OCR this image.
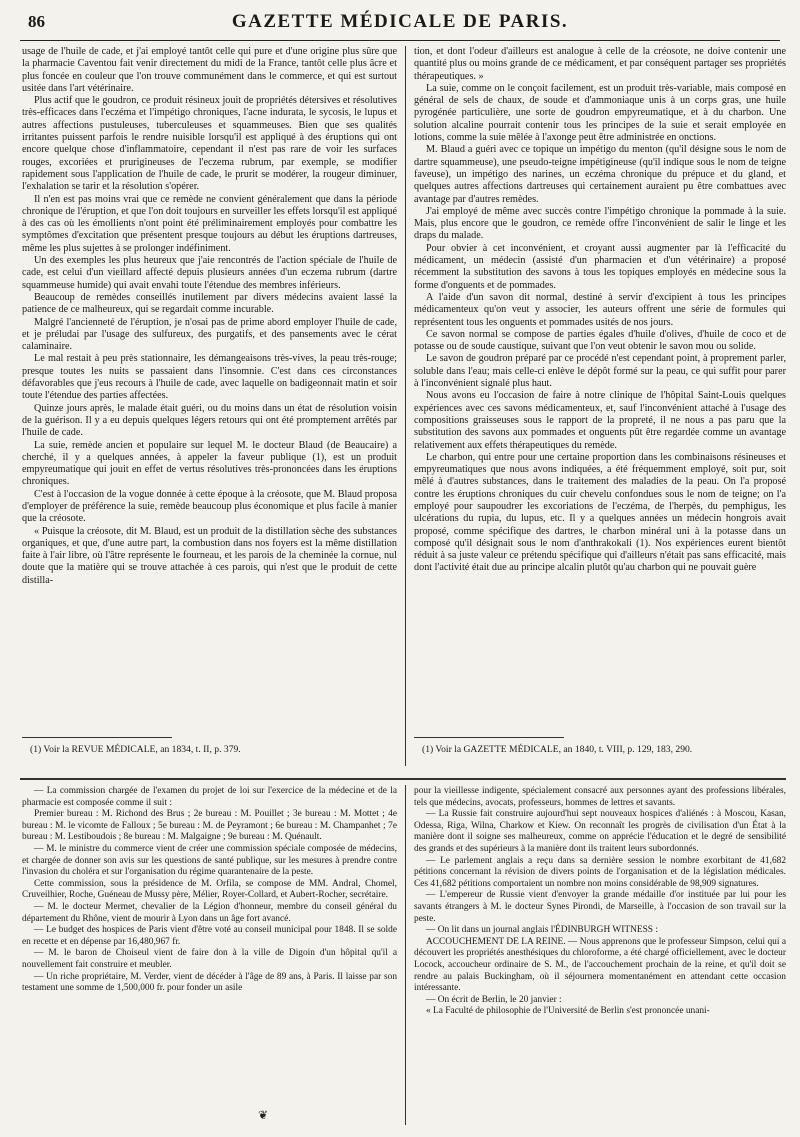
86	GAZETTE MÉDICALE DE PARIS.

usage de l'huile de cade, et j'ai employé tantôt celle qui pure et d'une origine plus sûre que la pharmacie Caventou fait venir directement du midi de la France, tantôt celle plus âcre et plus foncée en couleur que l'on trouve communément dans le commerce, et qui est surtout usitée dans l'art vétérinaire.

Plus actif que le goudron, ce produit résineux jouit de propriétés détersives et résolutives très-efficaces dans l'eczéma et l'impétigo chroniques, l'acne indurata, le sycosis, le lupus et autres affections pustuleuses, tuberculeuses et squammeuses. Bien que ses qualités irritantes puissent parfois le rendre nuisible lorsqu'il est appliqué à des éruptions qui ont encore quelque chose d'inflammatoire, cependant il n'est pas rare de voir les surfaces rouges, excoriées et prurigineuses de l'eczema rubrum, par exemple, se modifier rapidement sous l'application de l'huile de cade, le prurit se modérer, la rougeur diminuer, l'exhalation se tarir et la résolution s'opérer.

Il n'en est pas moins vrai que ce remède ne convient généralement que dans la période chronique de l'éruption, et que l'on doit toujours en surveiller les effets lorsqu'il est appliqué à des cas où les émollients n'ont point été préliminairement employés pour combattre les symptômes d'excitation que présentent presque toujours au début les éruptions dartreuses, même les plus sujettes à se prolonger indéfiniment.

Un des exemples les plus heureux que j'aie rencontrés de l'action spéciale de l'huile de cade, est celui d'un vieillard affecté depuis plusieurs années d'un eczema rubrum (dartre squammeuse humide) qui avait envahi toute l'étendue des membres inférieurs.

Beaucoup de remèdes conseillés inutilement par divers médecins avaient lassé la patience de ce malheureux, qui se regardait comme incurable.

Malgré l'ancienneté de l'éruption, je n'osai pas de prime abord employer l'huile de cade, et je préludai par l'usage des sulfureux, des purgatifs, et des pansements avec le cérat calaminaire.

Le mal restait à peu près stationnaire, les démangeaisons très-vives, la peau très-rouge; presque toutes les nuits se passaient dans l'insomnie. C'est dans ces circonstances défavorables que j'eus recours à l'huile de cade, avec laquelle on badigeonnait matin et soir toute l'étendue des parties affectées.

Quinze jours après, le malade était guéri, ou du moins dans un état de résolution voisin de la guérison. Il y a eu depuis quelques légers retours qui ont été promptement arrêtés par l'huile de cade.

La suie, remède ancien et populaire sur lequel M. le docteur Blaud (de Beaucaire) a cherché, il y a quelques années, à appeler la faveur publique (1), est un produit empyreumatique qui jouit en effet de vertus résolutives très-prononcées dans les éruptions chroniques.

C'est à l'occasion de la vogue donnée à cette époque à la créosote, que M. Blaud proposa d'employer de préférence la suie, remède beaucoup plus économique et plus facile à manier que la créosote.

« Puisque la créosote, dit M. Blaud, est un produit de la distillation sèche des substances organiques, et que, d'une autre part, la combustion dans nos foyers est la même distillation faite à l'air libre, où l'âtre représente le fourneau, et les parois de la cheminée la cornue, nul doute que la matière qui se trouve attachée à ces parois, qui n'est que le produit de cette distilla-

tion, et dont l'odeur d'ailleurs est analogue à celle de la créosote, ne doive contenir une quantité plus ou moins grande de ce médicament, et par conséquent partager ses propriétés thérapeutiques. »

La suie, comme on le conçoit facilement, est un produit très-variable, mais composé en général de sels de chaux, de soude et d'ammoniaque unis à un corps gras, une huile pyrogénée particulière, une sorte de goudron empyreumatique, et à du charbon. Une solution alcaline pourrait contenir tous les principes de la suie et serait employée en lotions, comme la suie mêlée à l'axonge peut être administrée en onctions.

M. Blaud a guéri avec ce topique un impétigo du menton (qu'il désigne sous le nom de dartre squammeuse), une pseudo-teigne impétigineuse (qu'il indique sous le nom de teigne faveuse), un impétigo des narines, un eczéma chronique du prépuce et du gland, et quelques autres affections dartreuses qui certainement auraient pu être combattues avec avantage par d'autres remèdes.

J'ai employé de même avec succès contre l'impétigo chronique la pommade à la suie. Mais, plus encore que le goudron, ce remède offre l'inconvénient de salir le linge et les draps du malade.

Pour obvier à cet inconvénient, et croyant aussi augmenter par là l'efficacité du médicament, un médecin (assisté d'un pharmacien et d'un vétérinaire) a proposé récemment la substitution des savons à tous les topiques employés en médecine sous la forme d'onguents et de pommades.

A l'aide d'un savon dit normal, destiné à servir d'excipient à tous les principes médicamenteux qu'on veut y associer, les auteurs offrent une série de formules qui représentent tous les onguents et pommades usités de nos jours.

Ce savon normal se compose de parties égales d'huile d'olives, d'huile de coco et de potasse ou de soude caustique, suivant que l'on veut obtenir le savon mou ou solide.

Le savon de goudron préparé par ce procédé n'est cependant point, à proprement parler, soluble dans l'eau; mais celle-ci enlève le dépôt formé sur la peau, ce qui suffit pour parer à l'inconvénient signalé plus haut.

Nous avons eu l'occasion de faire à notre clinique de l'hôpital Saint-Louis quelques expériences avec ces savons médicamenteux, et, sauf l'inconvénient attaché à l'usage des compositions graisseuses sous le rapport de la propreté, il ne nous a pas paru que la substitution des savons aux pommades et onguents pût être regardée comme un avantage relativement aux effets thérapeutiques du remède.

Le charbon, qui entre pour une certaine proportion dans les combinaisons résineuses et empyreumatiques que nous avons indiquées, a été fréquemment employé, soit pur, soit mêlé à d'autres substances, dans le traitement des maladies de la peau. On l'a proposé contre les éruptions chroniques du cuir chevelu confondues sous le nom de teigne; on l'a employé pour saupoudrer les excoriations de l'eczéma, de l'herpès, du pemphigus, les ulcérations du rupia, du lupus, etc. Il y a quelques années un médecin hongrois avait proposé, comme spécifique des dartres, le charbon minéral uni à la potasse dans un composé qu'il désignait sous le nom d'anthrakokali (1). Nos expériences eurent bientôt réduit à sa juste valeur ce prétendu spécifique qui d'ailleurs n'était pas sans efficacité, mais dont l'activité était due au principe alcalin plutôt qu'au charbon qui ne pouvait guère

(1) Voir la REVUE MÉDICALE, an 1834, t. II, p. 379.	(1) Voir la GAZETTE MÉDICALE, an 1840, t. VIII, p. 129, 183, 290.

— La commission chargée de l'examen du projet de loi sur l'exercice de la médecine et de la pharmacie est composée comme il suit :

Premier bureau : M. Richond des Brus ; 2e bureau : M. Pouillet ; 3e bureau : M. Mottet ; 4e bureau : M. le vicomte de Falloux ; 5e bureau : M. de Peyramont ; 6e bureau : M. Champanhet ; 7e bureau : M. Lestiboudois ; 8e bureau : M. Malgaigne ; 9e bureau : M. Quénault.

— M. le ministre du commerce vient de créer une commission spéciale composée de médecins, et chargée de donner son avis sur les questions de santé publique, sur les mesures à prendre contre l'invasion du choléra et sur l'organisation du régime quarantenaire de la peste.

Cette commission, sous la présidence de M. Orfila, se compose de MM. Andral, Chomel, Cruveilhier, Roche, Guéneau de Mussy père, Mélier, Royer-Collard, et Aubert-Rocher, secrétaire.

— M. le docteur Mermet, chevalier de la Légion d'honneur, membre du conseil général du département du Rhône, vient de mourir à Lyon dans un âge fort avancé.

— Le budget des hospices de Paris vient d'être voté au conseil municipal pour 1848. Il se solde en recette et en dépense par 16,480,967 fr.

— M. le baron de Choiseul vient de faire don à la ville de Digoin d'un hôpital qu'il a nouvellement fait construire et meubler.

— Un riche propriétaire, M. Verder, vient de décéder à l'âge de 89 ans, à Paris. Il laisse par son testament une somme de 1,500,000 fr. pour fonder un asile

pour la vieillesse indigente, spécialement consacré aux personnes ayant des professions libérales, tels que médecins, avocats, professeurs, hommes de lettres et savants.

— La Russie fait construire aujourd'hui sept nouveaux hospices d'aliénés : à Moscou, Kasan, Odessa, Riga, Wilna, Charkow et Kiew. On reconnaît les progrès de civilisation d'un État à la manière dont il soigne ses malheureux, comme on apprécie l'éducation et le degré de sensibilité des grands et des supérieurs à la manière dont ils traitent leurs subordonnés.

— Le parlement anglais a reçu dans sa dernière session le nombre exorbitant de 41,682 pétitions concernant la révision de divers points de l'organisation et de la législation médicales. Ces 41,682 pétitions comportaient un nombre non moins considérable de 98,909 signatures.

— L'empereur de Russie vient d'envoyer la grande médaille d'or instituée par lui pour les savants étrangers à M. le docteur Synes Pirondi, de Marseille, à l'occasion de son travail sur la peste.

— On lit dans un journal anglais l'ÉDINBURGH WITNESS :

ACCOUCHEMENT DE LA REINE. — Nous apprenons que le professeur Simpson, celui qui a découvert les propriétés anesthésiques du chloroforme, a été chargé officiellement, avec le docteur Locock, accoucheur ordinaire de S. M., de l'accouchement prochain de la reine, et qu'il doit se rendre au palais Buckingham, où il séjournera momentanément en attendant cette occasion intéressante.

— On écrit de Berlin, le 20 janvier :

« La Faculté de philosophie de l'Université de Berlin s'est prononcée unani-

❦
